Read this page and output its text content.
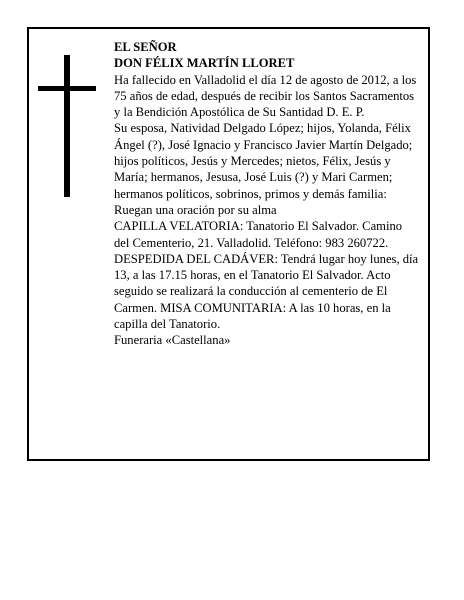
EL SEÑOR

DON FÉLIX MARTÍN LLORET

Ha fallecido en Valladolid el día 12 de agosto de 2012, a los 75 años de edad, después de recibir los Santos Sacramentos y la Bendición Apostólica de Su Santidad D. E. P.

Su esposa, Natividad Delgado López; hijos, Yolanda, Félix Ángel (?), José Ignacio y Francisco Javier Martín Delgado; hijos políticos, Jesús y Mercedes; nietos, Félix, Jesús y María; hermanos, Jesusa, José Luis (?) y Mari Carmen; hermanos políticos, sobrinos, primos y demás familia:

Ruegan una oración por su alma

CAPILLA VELATORIA: Tanatorio El Salvador. Camino del Cementerio, 21. Valladolid. Teléfono: 983 260722.

DESPEDIDA DEL CADÁVER: Tendrá lugar hoy lunes, día 13, a las 17.15 horas, en el Tanatorio El Salvador. Acto seguido se realizará la conducción al cementerio de El Carmen. MISA COMUNITARIA: A las 10 horas, en la capilla del Tanatorio.

Funeraria «Castellana»
